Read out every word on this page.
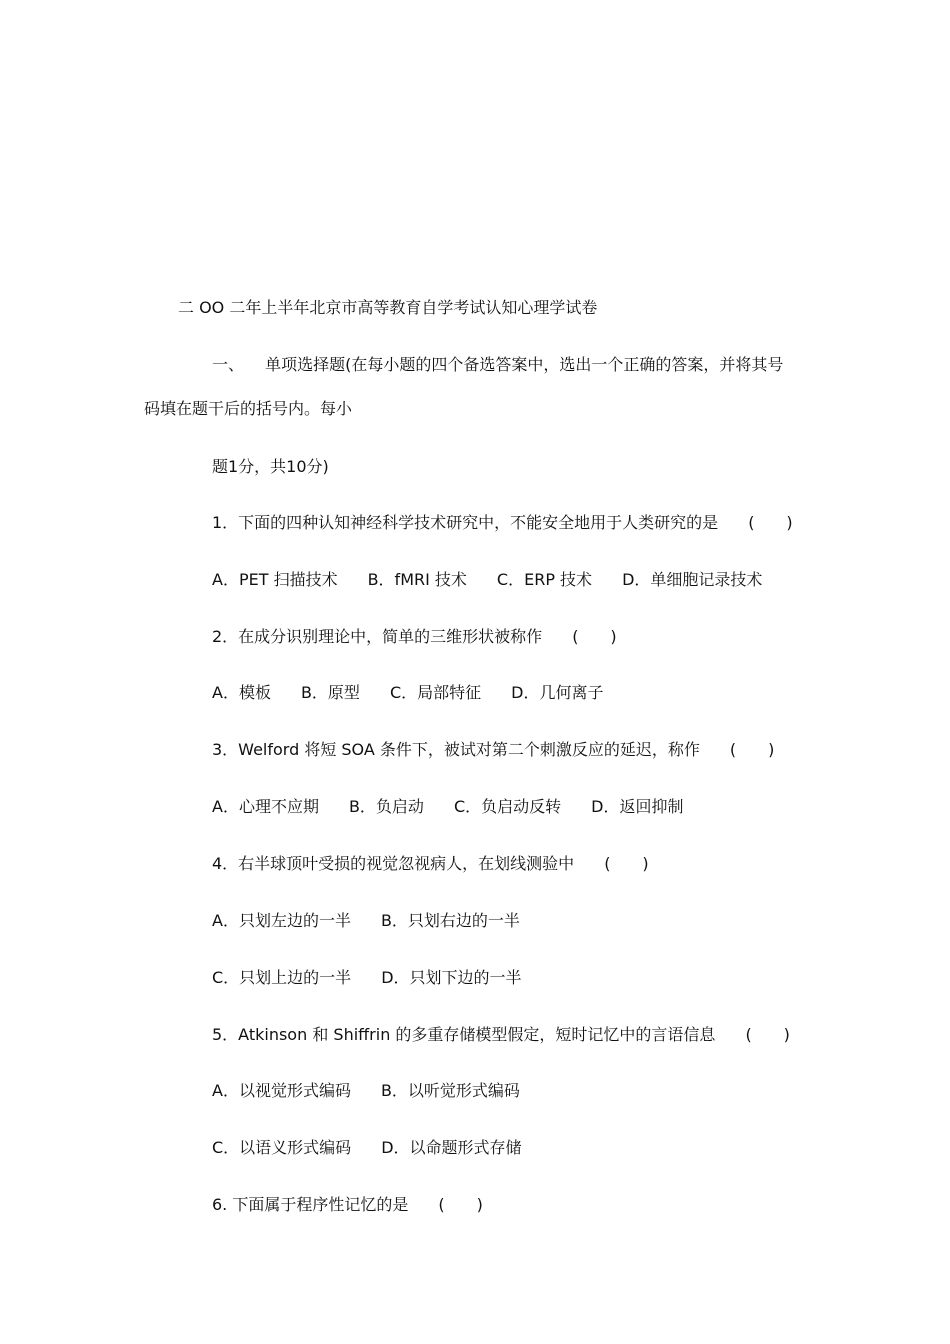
二 OO 二年上半年北京市高等教育自学考试认知心理学试卷
一、 单项选择题(在每小题的四个备选答案中，选出一个正确的答案，并将其号
码填在题干后的括号内。每小
题1分，共10分)
1．下面的四种认知神经科学技术研究中，不能安全地用于人类研究的是 (　　)
A．PET 扫描技术 B．fMRI 技术 C．ERP 技术 D．单细胞记录技术
2．在成分识别理论中，简单的三维形状被称作 (　　)
A．模板 B．原型 C．局部特征 D．几何离子
3．Welford 将短 SOA 条件下，被试对第二个刺激反应的延迟，称作 (　　)
A．心理不应期 B．负启动 C．负启动反转 D．返回抑制
4．右半球顶叶受损的视觉忽视病人，在划线测验中 (　　)
A．只划左边的一半 B．只划右边的一半
C．只划上边的一半 D．只划下边的一半
5．Atkinson 和 Shiffrin 的多重存储模型假定，短时记忆中的言语信息 (　　)
A．以视觉形式编码 B．以听觉形式编码
C．以语义形式编码 D．以命题形式存储
6. 下面属于程序性记忆的是 (　　)
